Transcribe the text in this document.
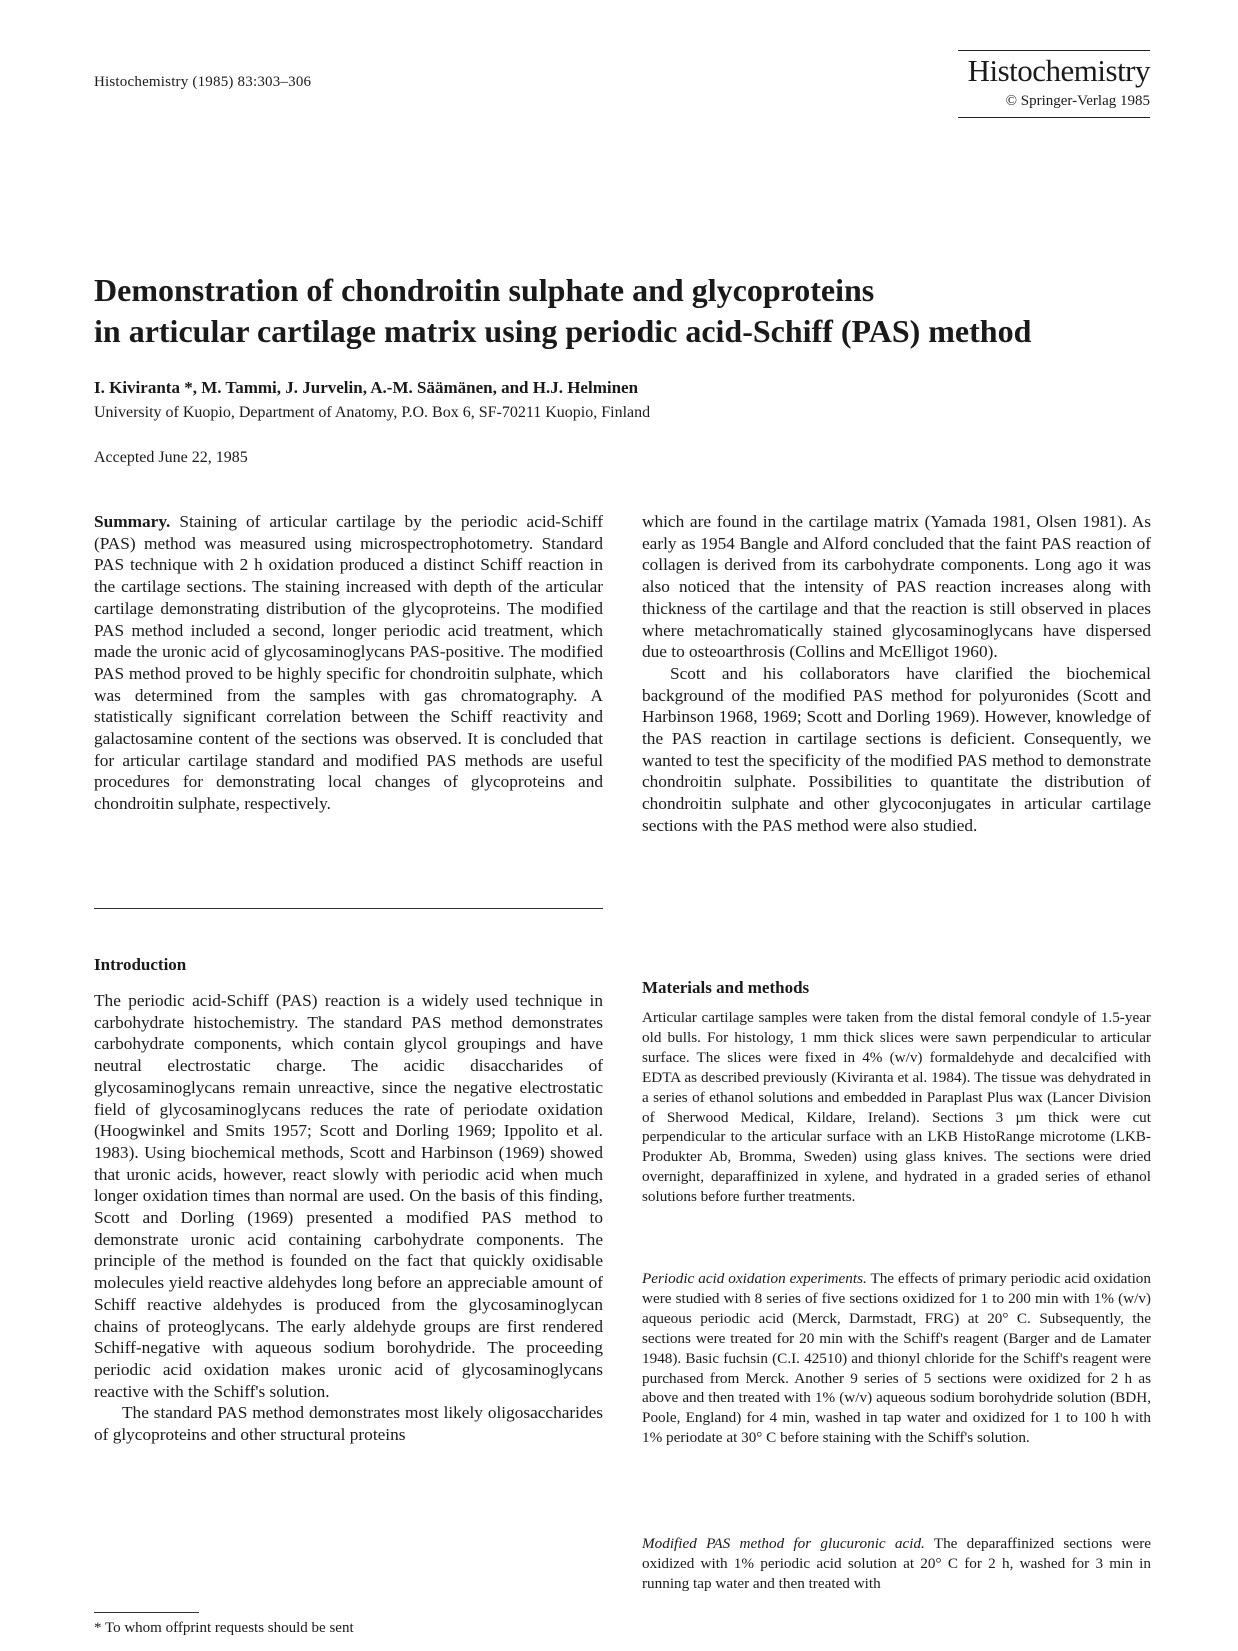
Histochemistry (1985) 83:303–306	Histochemistry
© Springer-Verlag 1985
Demonstration of chondroitin sulphate and glycoproteins
in articular cartilage matrix using periodic acid-Schiff (PAS) method
I. Kiviranta *, M. Tammi, J. Jurvelin, A.-M. Säämänen, and H.J. Helminen
University of Kuopio, Department of Anatomy, P.O. Box 6, SF-70211 Kuopio, Finland
Accepted June 22, 1985

Summary. Staining of articular cartilage by the periodic acid-Schiff (PAS) method was measured using microspectrophotometry. Standard PAS technique with 2 h oxidation produced a distinct Schiff reaction in the cartilage sections. The staining increased with depth of the articular cartilage demonstrating distribution of the glycoproteins. The modified PAS method included a second, longer periodic acid treatment, which made the uronic acid of glycosaminoglycans PAS-positive. The modified PAS method proved to be highly specific for chondroitin sulphate, which was determined from the samples with gas chromatography. A statistically significant correlation between the Schiff reactivity and galactosamine content of the sections was observed. It is concluded that for articular cartilage standard and modified PAS methods are useful procedures for demonstrating local changes of glycoproteins and chondroitin sulphate, respectively.

Introduction

The periodic acid-Schiff (PAS) reaction is a widely used technique in carbohydrate histochemistry. The standard PAS method demonstrates carbohydrate components, which contain glycol groupings and have neutral electrostatic charge. The acidic disaccharides of glycosaminoglycans remain unreactive, since the negative electrostatic field of glycosaminoglycans reduces the rate of periodate oxidation (Hoogwinkel and Smits 1957; Scott and Dorling 1969; Ippolito et al. 1983). Using biochemical methods, Scott and Harbinson (1969) showed that uronic acids, however, react slowly with periodic acid when much longer oxidation times than normal are used. On the basis of this finding, Scott and Dorling (1969) presented a modified PAS method to demonstrate uronic acid containing carbohydrate components. The principle of the method is founded on the fact that quickly oxidisable molecules yield reactive aldehydes long before an appreciable amount of Schiff reactive aldehydes is produced from the glycosaminoglycan chains of proteoglycans. The early aldehyde groups are first rendered Schiff-negative with aqueous sodium borohydride. The proceeding periodic acid oxidation makes uronic acid of glycosaminoglycans reactive with the Schiff's solution.

The standard PAS method demonstrates most likely oligosaccharides of glycoproteins and other structural proteins

* To whom offprint requests should be sent

which are found in the cartilage matrix (Yamada 1981, Olsen 1981). As early as 1954 Bangle and Alford concluded that the faint PAS reaction of collagen is derived from its carbohydrate components. Long ago it was also noticed that the intensity of PAS reaction increases along with thickness of the cartilage and that the reaction is still observed in places where metachromatically stained glycosaminoglycans have dispersed due to osteoarthrosis (Collins and McElligot 1960).

Scott and his collaborators have clarified the biochemical background of the modified PAS method for polyuronides (Scott and Harbinson 1968, 1969; Scott and Dorling 1969). However, knowledge of the PAS reaction in cartilage sections is deficient. Consequently, we wanted to test the specificity of the modified PAS method to demonstrate chondroitin sulphate. Possibilities to quantitate the distribution of chondroitin sulphate and other glycoconjugates in articular cartilage sections with the PAS method were also studied.

Materials and methods

Articular cartilage samples were taken from the distal femoral condyle of 1.5-year old bulls. For histology, 1 mm thick slices were sawn perpendicular to articular surface. The slices were fixed in 4% (w/v) formaldehyde and decalcified with EDTA as described previously (Kiviranta et al. 1984). The tissue was dehydrated in a series of ethanol solutions and embedded in Paraplast Plus wax (Lancer Division of Sherwood Medical, Kildare, Ireland). Sections 3 µm thick were cut perpendicular to the articular surface with an LKB HistoRange microtome (LKB-Produkter Ab, Bromma, Sweden) using glass knives. The sections were dried overnight, deparaffinized in xylene, and hydrated in a graded series of ethanol solutions before further treatments.

Periodic acid oxidation experiments. The effects of primary periodic acid oxidation were studied with 8 series of five sections oxidized for 1 to 200 min with 1% (w/v) aqueous periodic acid (Merck, Darmstadt, FRG) at 20° C. Subsequently, the sections were treated for 20 min with the Schiff's reagent (Barger and de Lamater 1948). Basic fuchsin (C.I. 42510) and thionyl chloride for the Schiff's reagent were purchased from Merck. Another 9 series of 5 sections were oxidized for 2 h as above and then treated with 1% (w/v) aqueous sodium borohydride solution (BDH, Poole, England) for 4 min, washed in tap water and oxidized for 1 to 100 h with 1% periodate at 30° C before staining with the Schiff's solution.

Modified PAS method for glucuronic acid. The deparaffinized sections were oxidized with 1% periodic acid solution at 20° C for 2 h, washed for 3 min in running tap water and then treated with
